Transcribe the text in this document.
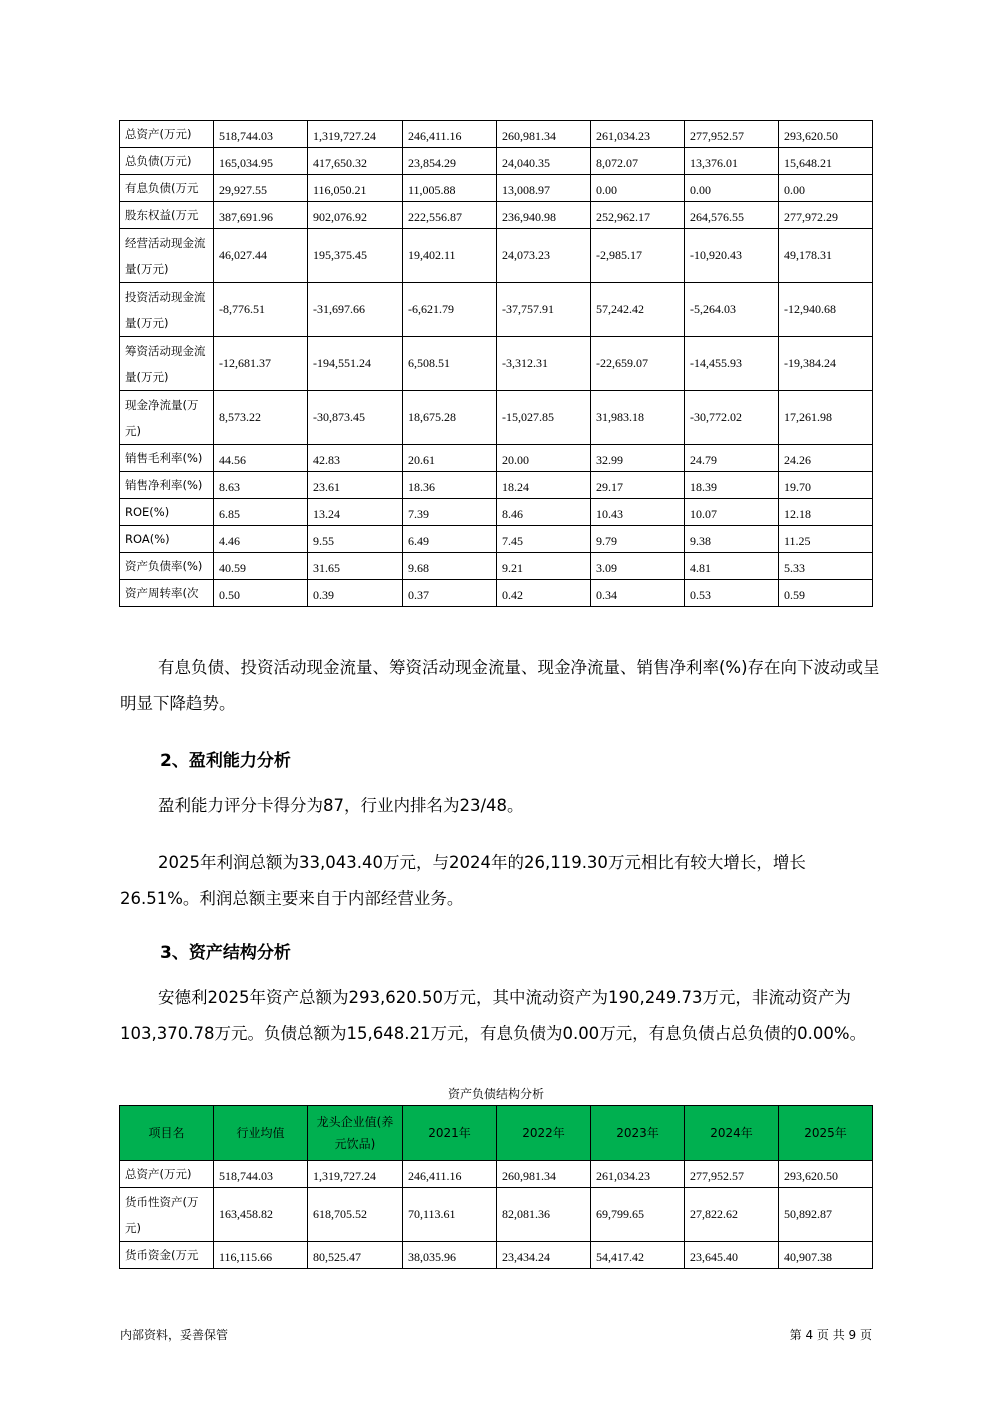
总资产(万元)	518,744.03	1,319,727.24	246,411.16	260,981.34	261,034.23	277,952.57	293,620.50
总负债(万元)	165,034.95	417,650.32	23,854.29	24,040.35	8,072.07	13,376.01	15,648.21
有息负债(万元	29,927.55	116,050.21	11,005.88	13,008.97	0.00	0.00	0.00
股东权益(万元	387,691.96	902,076.92	222,556.87	236,940.98	252,962.17	264,576.55	277,972.29
经营活动现金流量(万元)	46,027.44	195,375.45	19,402.11	24,073.23	-2,985.17	-10,920.43	49,178.31
投资活动现金流量(万元)	-8,776.51	-31,697.66	-6,621.79	-37,757.91	57,242.42	-5,264.03	-12,940.68
筹资活动现金流量(万元)	-12,681.37	-194,551.24	6,508.51	-3,312.31	-22,659.07	-14,455.93	-19,384.24
现金净流量(万元)	8,573.22	-30,873.45	18,675.28	-15,027.85	31,983.18	-30,772.02	17,261.98
销售毛利率(%)	44.56	42.83	20.61	20.00	32.99	24.79	24.26
销售净利率(%)	8.63	23.61	18.36	18.24	29.17	18.39	19.70
ROE(%)	6.85	13.24	7.39	8.46	10.43	10.07	12.18
ROA(%)	4.46	9.55	6.49	7.45	9.79	9.38	11.25
资产负债率(%)	40.59	31.65	9.68	9.21	3.09	4.81	5.33
资产周转率(次	0.50	0.39	0.37	0.42	0.34	0.53	0.59
有息负债、投资活动现金流量、筹资活动现金流量、现金净流量、销售净利率(%)存在向下波动或呈明显下降趋势。
2、盈利能力分析
盈利能力评分卡得分为87，行业内排名为23/48。
2025年利润总额为33,043.40万元，与2024年的26,119.30万元相比有较大增长，增长26.51%。利润总额主要来自于内部经营业务。
3、资产结构分析
安德利2025年资产总额为293,620.50万元，其中流动资产为190,249.73万元，非流动资产为103,370.78万元。负债总额为15,648.21万元，有息负债为0.00万元，有息负债占总负债的0.00%。
资产负债结构分析
项目名	行业均值	龙头企业值(养元饮品)	2021年	2022年	2023年	2024年	2025年
总资产(万元)	518,744.03	1,319,727.24	246,411.16	260,981.34	261,034.23	277,952.57	293,620.50
货币性资产(万元)	163,458.82	618,705.52	70,113.61	82,081.36	69,799.65	27,822.62	50,892.87
货币资金(万元	116,115.66	80,525.47	38,035.96	23,434.24	54,417.42	23,645.40	40,907.38
内部资料，妥善保管	第 4 页 共 9 页
